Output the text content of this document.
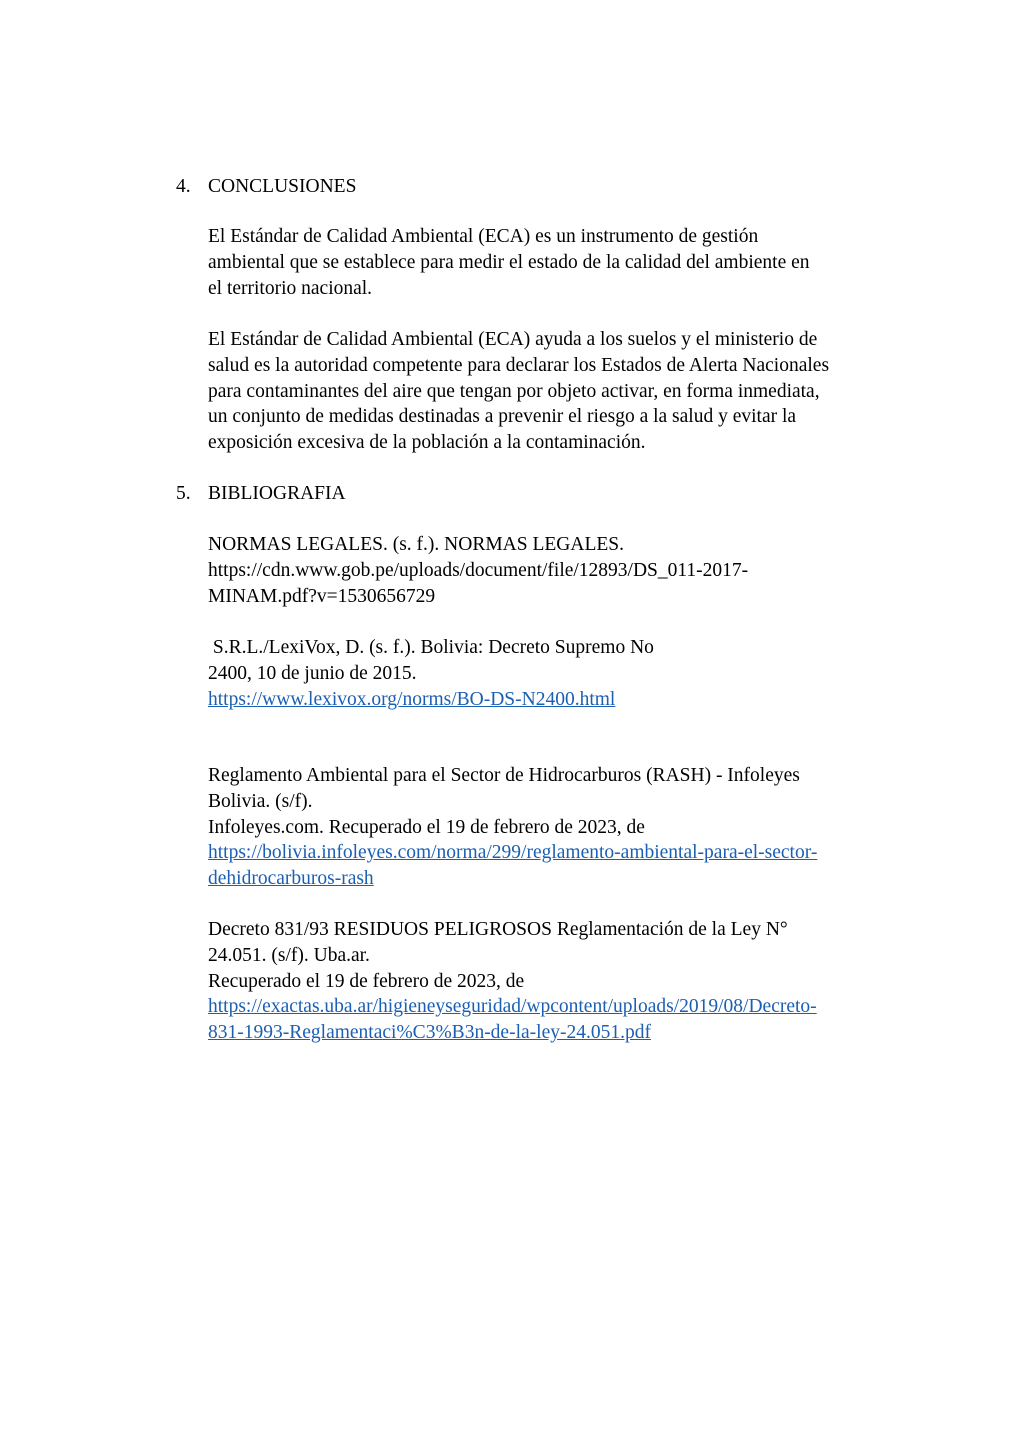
4. CONCLUSIONES

El Estándar de Calidad Ambiental (ECA) es un instrumento de gestión
ambiental que se establece para medir el estado de la calidad del ambiente en
el territorio nacional.

El Estándar de Calidad Ambiental (ECA) ayuda a los suelos y el ministerio de
salud es la autoridad competente para declarar los Estados de Alerta Nacionales
para contaminantes del aire que tengan por objeto activar, en forma inmediata,
un conjunto de medidas destinadas a prevenir el riesgo a la salud y evitar la
exposición excesiva de la población a la contaminación.

5. BIBLIOGRAFIA

NORMAS LEGALES. (s. f.). NORMAS LEGALES.
https://cdn.www.gob.pe/uploads/document/file/12893/DS_011-2017-
MINAM.pdf?v=1530656729

S.R.L./LexiVox, D. (s. f.). Bolivia: Decreto Supremo No
2400, 10 de junio de 2015.
https://www.lexivox.org/norms/BO-DS-N2400.html

Reglamento Ambiental para el Sector de Hidrocarburos (RASH) - Infoleyes
Bolivia. (s/f).
Infoleyes.com. Recuperado el 19 de febrero de 2023, de
https://bolivia.infoleyes.com/norma/299/reglamento-ambiental-para-el-sector-
dehidrocarburos-rash

Decreto 831/93 RESIDUOS PELIGROSOS Reglamentación de la Ley N°
24.051. (s/f). Uba.ar.
Recuperado el 19 de febrero de 2023, de
https://exactas.uba.ar/higieneyseguridad/wpcontent/uploads/2019/08/Decreto-
831-1993-Reglamentaci%C3%B3n-de-la-ley-24.051.pdf
